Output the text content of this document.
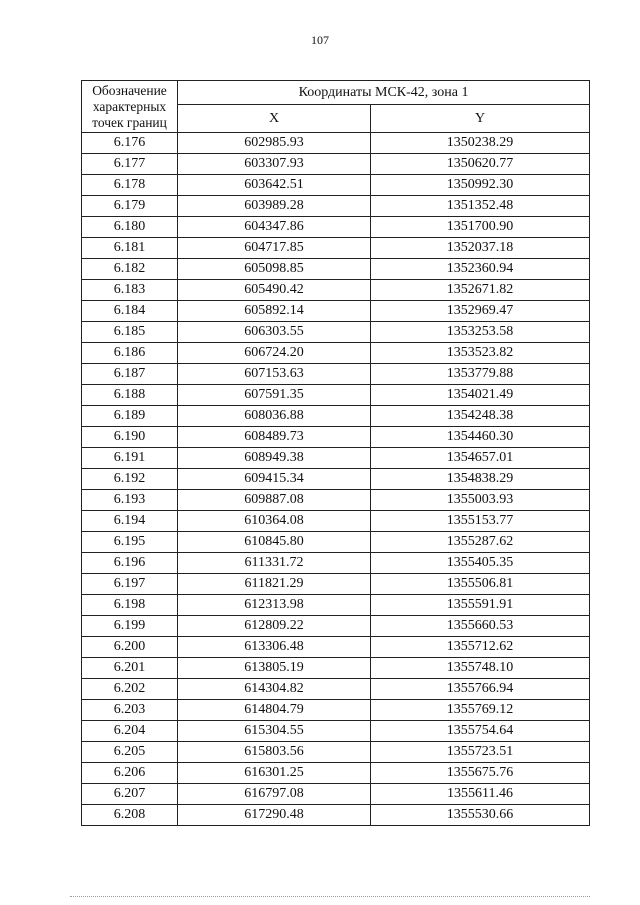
107
Обозначение характерных точек границ	Координаты МСК-42, зона 1	
	X	Y
6.176	602985.93	1350238.29
6.177	603307.93	1350620.77
6.178	603642.51	1350992.30
6.179	603989.28	1351352.48
6.180	604347.86	1351700.90
6.181	604717.85	1352037.18
6.182	605098.85	1352360.94
6.183	605490.42	1352671.82
6.184	605892.14	1352969.47
6.185	606303.55	1353253.58
6.186	606724.20	1353523.82
6.187	607153.63	1353779.88
6.188	607591.35	1354021.49
6.189	608036.88	1354248.38
6.190	608489.73	1354460.30
6.191	608949.38	1354657.01
6.192	609415.34	1354838.29
6.193	609887.08	1355003.93
6.194	610364.08	1355153.77
6.195	610845.80	1355287.62
6.196	611331.72	1355405.35
6.197	611821.29	1355506.81
6.198	612313.98	1355591.91
6.199	612809.22	1355660.53
6.200	613306.48	1355712.62
6.201	613805.19	1355748.10
6.202	614304.82	1355766.94
6.203	614804.79	1355769.12
6.204	615304.55	1355754.64
6.205	615803.56	1355723.51
6.206	616301.25	1355675.76
6.207	616797.08	1355611.46
6.208	617290.48	1355530.66
